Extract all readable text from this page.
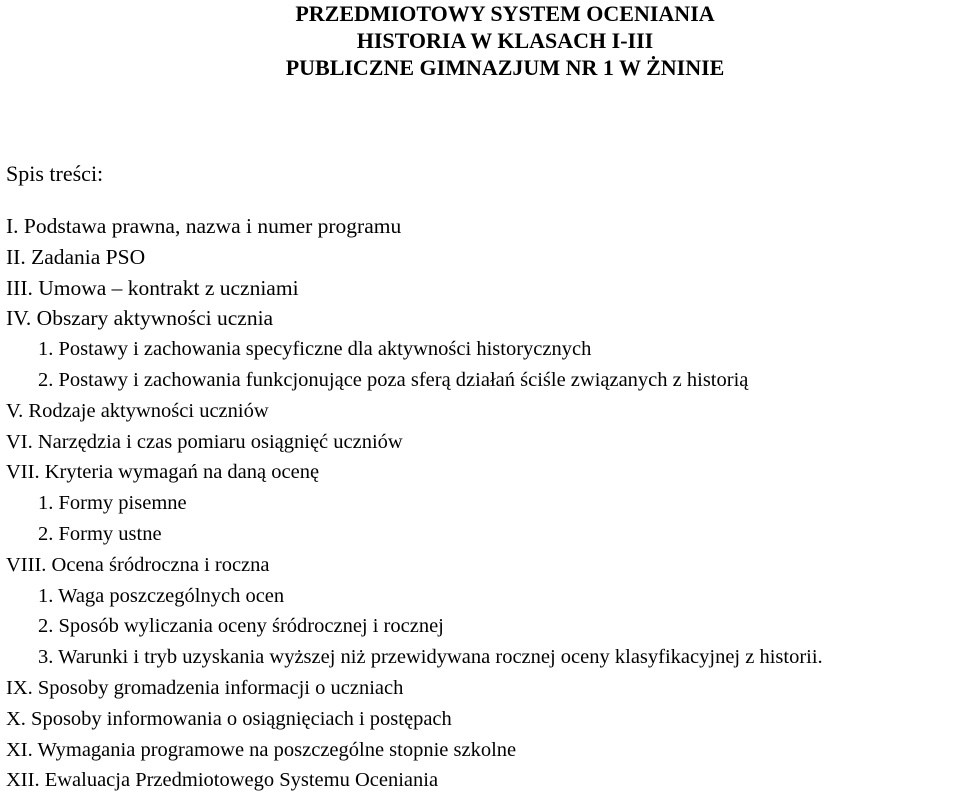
PRZEDMIOTOWY SYSTEM OCENIANIA
HISTORIA W KLASACH I-III
PUBLICZNE GIMNAZJUM NR 1 W ŻNINIE
Spis treści:
I. Podstawa prawna, nazwa i numer programu
II. Zadania PSO
III. Umowa – kontrakt z uczniami
IV. Obszary aktywności ucznia
1. Postawy i zachowania specyficzne dla aktywności historycznych
2. Postawy i zachowania funkcjonujące poza sferą działań ściśle związanych z historią
V. Rodzaje aktywności uczniów
VI. Narzędzia i czas pomiaru osiągnięć uczniów
VII. Kryteria wymagań na daną ocenę
1. Formy pisemne
2. Formy ustne
VIII. Ocena śródroczna i roczna
1. Waga poszczególnych ocen
2. Sposób wyliczania oceny śródrocznej i rocznej
3. Warunki i tryb uzyskania wyższej niż przewidywana rocznej oceny klasyfikacyjnej z historii.
IX. Sposoby gromadzenia informacji o uczniach
X. Sposoby informowania o osiągnięciach i postępach
XI. Wymagania programowe na poszczególne stopnie szkolne
XII. Ewaluacja Przedmiotowego Systemu Oceniania
